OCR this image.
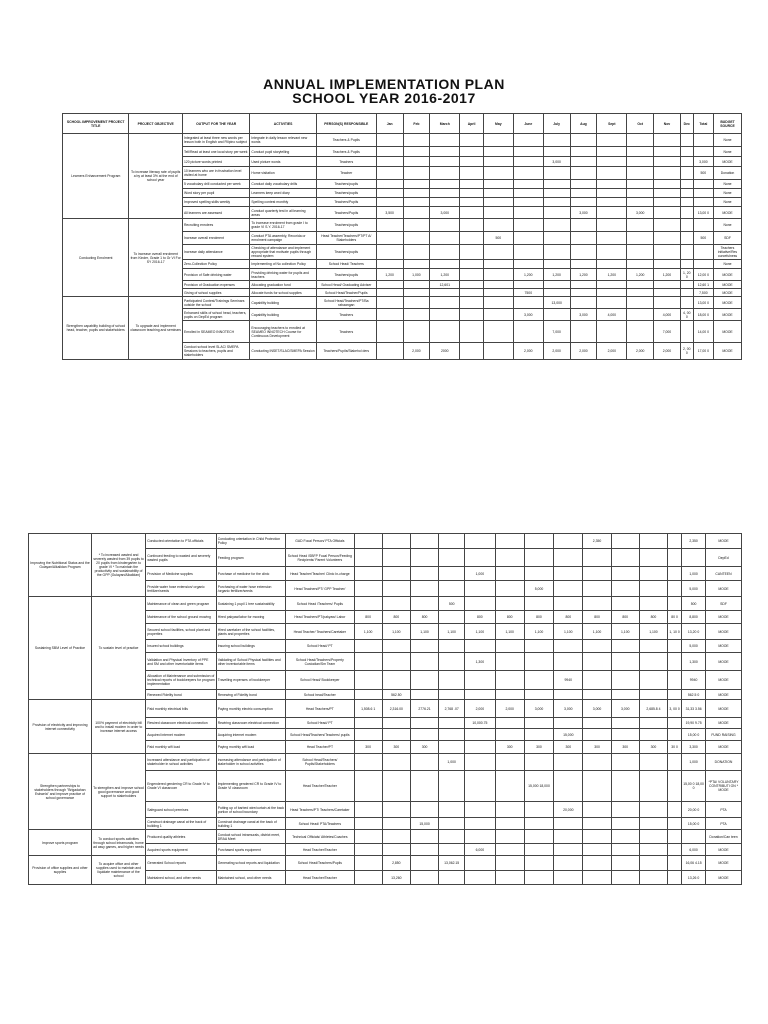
ANNUAL IMPLEMENTATION PLAN
SCHOOL YEAR 2016-2017
SCHOOL IMPROVEMENT PROJECT TITLE	PROJECT OBJECTIVE	OUTPUT FOR THE YEAR	ACTIVITIES	PERSON(S) RESPONSIBLE	Jan	Feb	March	April	May	June	July	Aug	Sept	Oct	Nov	Dec	Total	BUDGET SOURCE
Learners Enhancement Program	To increase literacy rate of pupils a by at least 3% at the end of school year	Integrated at least three new words per lesson both in English and Filipino subject	Integrate in daily lesson relevant new words	Teachers & Pupils														None
		Tell/Read at least one local story per week	Conduct pupil storytelling	Teachers & Pupils														None
		120 picture words printed	Used picture words	Teachers							3,000						3,000	MOOE
		10 learners who are in frustration level visited at home	Home visitation	Teacher													500	Donation
		5 vocabulary drill conducted per week	Conduct daily vocabulary drills	Teachers/pupils														None
		Word story per pupil	Learners keep word diary	Teachers/pupils														None
		Improved spelling skills weekly	Spelling contest monthly	Teachers/Pupils														None
		All learners are assessed	Conduct quarterly test in all learning areas	Teachers/Pupils	3,500		3,000					3,000		3,000			13,00 0	MOOE
Conducting Enrolment	To increase overall enrolment from Kinder, Grade 1 to Gr VI For SY 2016-17	Recruiting enrolees	To increase enrolment from grade I to grade VI S.Y. 2016-17	Teachers/pupils														None
		Increase overall enrolment	Conduct PTA assembly, Recorida or enrolment campaign	Head Teacher/Teachers/PT/PT A/ Stakeholders					500								500	SDF
		Increase daily attendance	Checking of attendance and implement appropriate that motivate pupils through reward system	Teachers/pupils														Teachers initiative/Res ourcefulness
		Zero-Collection Policy	Implementing of No collection Policy	School Head/ Teachers														None
		Provision of Safe drinking water	Providing drinking water for pupils and teachers	Teachers/pupils	1,200	1,000	1,200			1,200	1,200	1,200	1,200	1,200	1,200	1, 20 0	12,00 0	MOOE
		Provision of Graduation expenses	Allocating graduation fund	School Head/ Graduating Adviser			12,601										12,60 1	MOOE
		Giving of school supplies	Allocate funds for school supplies	School Head/Teacher/Pupils						7500							7,500	MOOE
Strengthen capability building of school head, teacher, pupils and stakeholders	To upgrade and implement classroom teaching and seminars	Participated Contest/Trainings Seminars outside the school	Capability building	School Head/Teachers/PT/Ba rabaangan							13,000						13,00 0	MOOE
		Enhanced skills of school head, teachers, pupils on DepEd program	Capability building	Teachers						3,000		3,000	4,000		4,000	4, 00 0	18,00 0	MOOE
		Enrolled in SEAMEO INNOTECH	Encouraging teachers to enrolled at SEAMEO INNOTECH Course for Continuous Development	Teachers							7,000				7,000		14,00 0	MOOE
		Conduct school level SLAC/ SMEPA Sessions to teachers, pupils and stakeholders	Conducting INSET/SLAC/SMEPA Session	Teachers/Pupils/Stakehol ders		2,000	2000			2,000	2,000	2,000	2,000	2,000	2,000	2, 00 0	17,00 0	MOOE
Improving the Nutritional Status and the Gulayan/Alkalidan Program	* To increased wasted and severely wasted from 39 pupils to 20 pupils from kindergarten to grade VI * To maintain the productivity and sustainability of the GPP (Gulayan/Alkalidan)	Conducted orientation to PTA officials	Conducting orientation in Child Protection Policy	GAD Focal Person/ PTA Officials									2,350				2,350	MOOE
		Continued feeding to wasted and severely wasted pupils	Feeding program	School Head /SBFP Focal Person/Feeding Recipients/ Parent Volunteers														DepEd
		Provision of Medicine supplies	Purchase of medicine for the clinic	Head Teacher/Teacher/ Clinic In-charge					1,000								1,000	CANTEEN
		Provide water hose extension/ organic fertilizer/seeds	Purchasing of water hose extension /organic fertilizer/seeds	Head Teachers/PT/ GPP Teacher/							5,000						5,000	MOOE
Sustaining SBM Level of Practice	To sustain level of practice	Maintenance of clean and green program	Sustaining 1 pupil 1 tree sustainability	School Head /Teachers/ Pupils				500									500	SDF
		Maintenance of the school ground mowing	Hired pakyaw/labor for mowing	Head Teachers/PT/pakyaw/ Labor	800	800	800		800	800	800	800	800	800	800	80 0	8,800	MOOE
		Secured school facilities, school plant and properties	Hired caretaker of the school facilities, plants and properties	Head Teacher/ Teachers/Caretaker	1,100	1,100	1,100	1,100	1,100	1,100	1,100	1,100	1,100	1,100	1,100	1, 10 0	13,20 0	MOOE
		Insured school buildings	Insuring school buildings	School Head/ PT													5,000	MOOE
		Validation and Physical Inventory of PPE and SM and other inventoriable items	Validating of School Physical facilities and other inventoriable items	School Head/Teachers/Property Custodian/Sm Team					1,300								1,300	MOOE
		Allocation of Maintenance and submission of technical reports of bookkeepers for program implementation	Travelling expenses of bookkeeper	School Head/ Bookkeeper								9940					9940	MOOE
		Renewed Fidelity bond	Renewing of Fidelity bond	School head/Teacher		562.50											562.5 0	MOOE
Provision of electricity and improving internet connectivity	100% payment of electricity bill and to install modem in order to increase internet access	Paid monthly electrical bills	Paying monthly electric consumption	Head Teachers/PT	1,508.6 1	2,316.00	2776.21	2,768 .07	2,000	2,000	3,000	3,000	3,000	3,000	2,685.8 4	3, 00 0	31,33 3.56	MOOE
		Rewired classroom electrical connection	Rewiring classroom electrical connection	School Head/ PT					10,000.75								19,90 9.75	MOOE
		Acquired internet modem	Acquiring internet modem	School Head/Teachers/Teachers/ pupils								15,000					15,00 0	FUND RAISING
		Paid monthly wifi load	Paying monthly wifi load	Head Teacher/PT	300	300	300			300	300	300	300	300	300	30 0	3,300	MOOE
Strengthen partnerships to stakeholders through "Brigadahan Eskwela" and improve practice of school governance	To strengthen and improve school good governance and good support to stakeholders	Increased attendance and participation of stakeholder in school activities	Increasing attendance and participation of stakeholder in school activities	School Head/Teachers/ Pupils/Stakeholders				1,000									1,000	DONATION
		Engendered gendering CR to Grade IV to Grade VI classroom	Implementing gendered CR to Grade IV to Grade VI classroom	Head Teacher/Teacher							15,000 18,000						15,00 0 18,00 0	*PTA/ VOLUNTARY CONTRIBUTI ON * MOOE
		Safeguard school premises	Putting up of barbed wire/curtain at the back portion of school boundary	Head Teachers/PT/ Teachers/Caretaker								20,000					20,00 0	PTA
		Construct drainage canal at the back of building 1	Construct drainage canal at the back of building 1	School Head/ PTA/Teachers			15,000										15,00 0	PTA
Improve sports program	To conduct sports activities through school intramurals, home ad assy games, and higher needs	Produced quality athletes	Conduct school intramurals, district meet, DRAA Meet	Technical Officials/ Athletes/Coaches														Donation/Can teen
		Acquired sports equipment	Purchased sports equipment	Head Teacher/Teacher					6,000								6,000	MOOE
Provision of office supplies and other supplies	To acquire office and other supplies used to maintain and liquidate maintenance of the school	Generated School reports	Generating school reports and liquidation	School Head/Teachers/Pupils		2,850		13,062.15									16,06 4.15	MOOE
		Maintained school, and other needs	Maintained school, and other needs	Head Teacher/Teacher		13,260											13,26 0	MOOE
